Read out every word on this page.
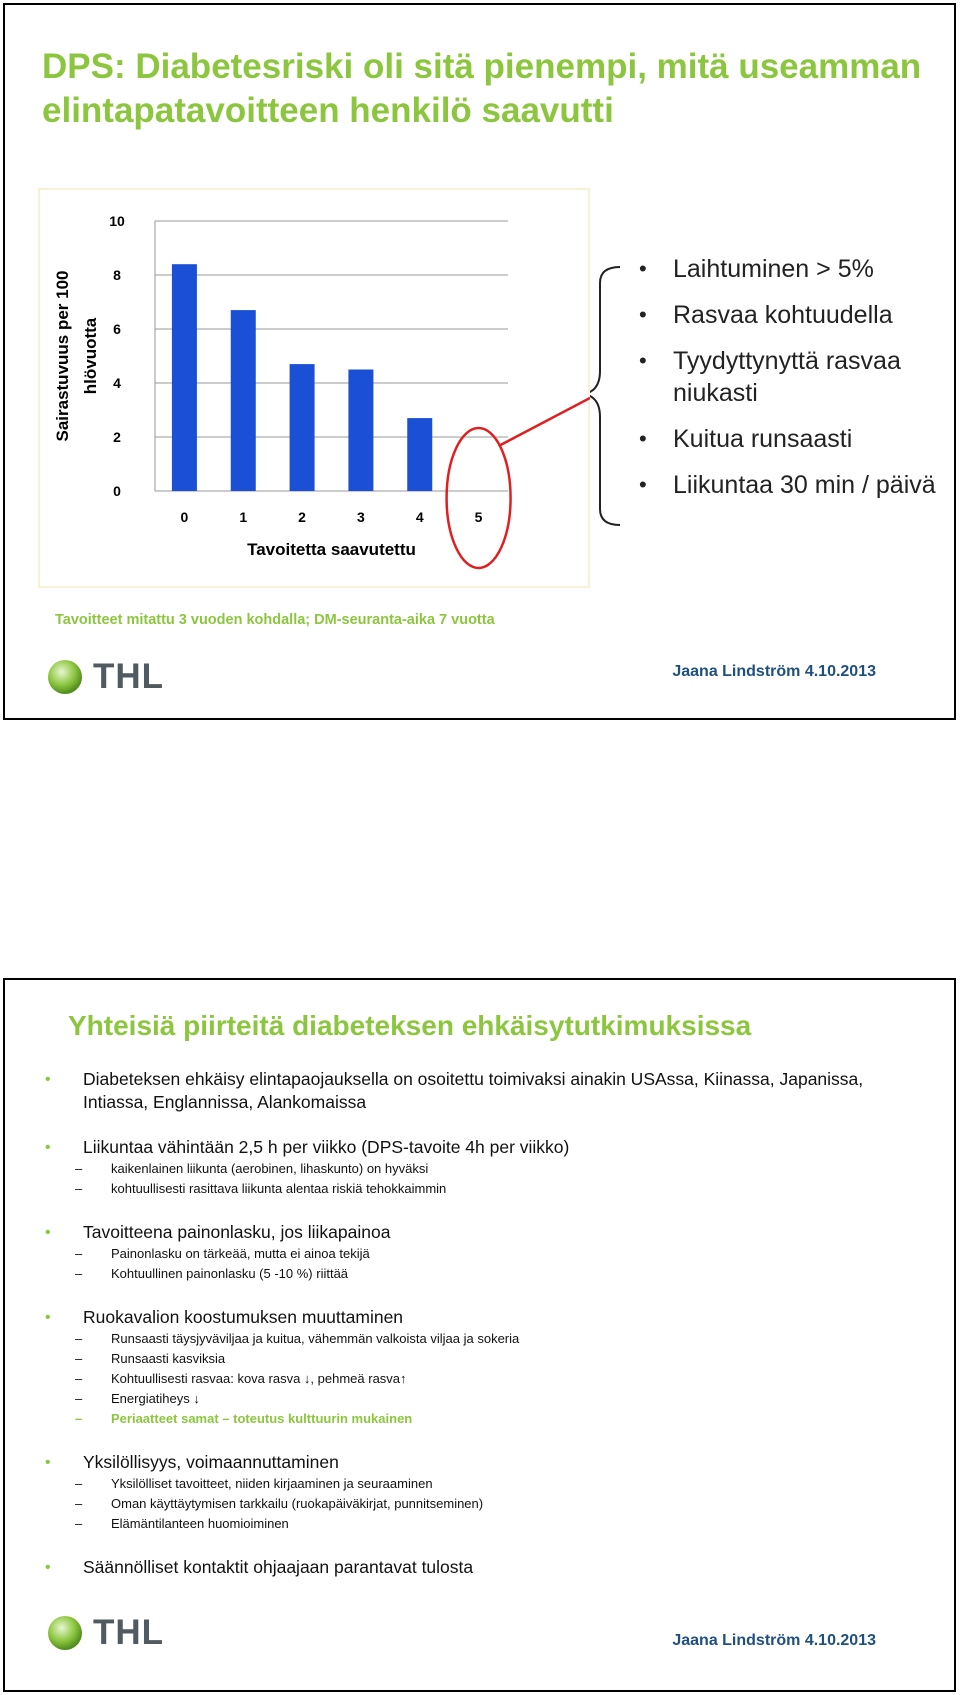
DPS: Diabetesriski oli sitä pienempi, mitä useamman elintapatavoitteen henkilö saavutti
0
2
4
6
8
10
0	1	2	3	4	5
Tavoitetta saavutettu
Sairastuvuus per 100 hlövuotta
•	Laihtuminen > 5%
•	Rasvaa kohtuudella
•	Tyydyttynyttä rasvaa niukasti
•	Kuitua runsaasti
•	Liikuntaa 30 min / päivä
Tavoitteet mitattu 3 vuoden kohdalla; DM-seuranta-aika 7 vuotta
THL	Jaana Lindström 4.10.2013
Yhteisiä piirteitä diabeteksen ehkäisytutkimuksissa
•	Diabeteksen ehkäisy elintapaojauksella on osoitettu toimivaksi ainakin USAssa, Kiinassa, Japanissa, Intiassa, Englannissa, Alankomaissa
•	Liikuntaa vähintään 2,5 h per viikko (DPS-tavoite 4h per viikko)
–	kaikenlainen liikunta (aerobinen, lihaskunto) on hyväksi
–	kohtuullisesti rasittava liikunta alentaa riskiä tehokkaimmin
•	Tavoitteena painonlasku, jos liikapainoa
–	Painonlasku on tärkeää, mutta ei ainoa tekijä
–	Kohtuullinen painonlasku (5 -10 %) riittää
•	Ruokavalion koostumuksen muuttaminen
–	Runsaasti täysjyväviljaa ja kuitua, vähemmän valkoista viljaa ja sokeria
–	Runsaasti kasviksia
–	Kohtuullisesti rasvaa: kova rasva ↓, pehmeä rasva↑
–	Energiatiheys ↓
–	Periaatteet samat – toteutus kulttuurin mukainen
•	Yksilöllisyys, voimaannuttaminen
–	Yksilölliset tavoitteet, niiden kirjaaminen ja seuraaminen
–	Oman käyttäytymisen tarkkailu (ruokapäiväkirjat, punnitseminen)
–	Elämäntilanteen huomioiminen
•	Säännölliset kontaktit ohjaajaan parantavat tulosta
THL	Jaana Lindström 4.10.2013
